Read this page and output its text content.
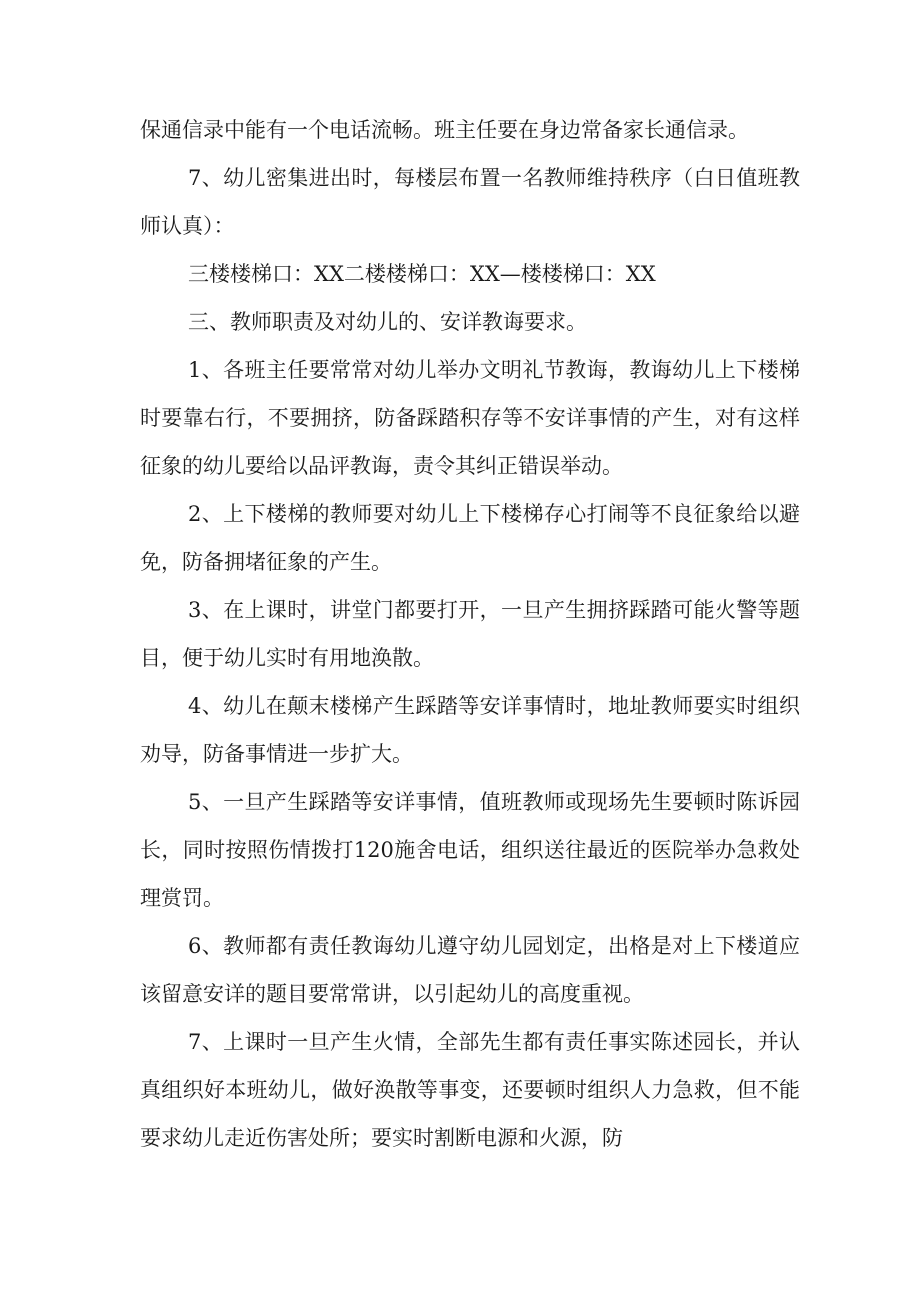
保通信录中能有一个电话流畅。班主任要在身边常备家长通信录。

7、幼儿密集进出时，每楼层布置一名教师维持秩序（白日值班教师认真）：

三楼楼梯口：XX二楼楼梯口：XX—楼楼梯口：XX

三、教师职责及对幼儿的、安详教诲要求。

1、各班主任要常常对幼儿举办文明礼节教诲，教诲幼儿上下楼梯时要靠右行，不要拥挤，防备踩踏积存等不安详事情的产生，对有这样征象的幼儿要给以品评教诲，责令其纠正错误举动。

2、上下楼梯的教师要对幼儿上下楼梯存心打闹等不良征象给以避免，防备拥堵征象的产生。

3、在上课时，讲堂门都要打开，一旦产生拥挤踩踏可能火警等题目，便于幼儿实时有用地涣散。

4、幼儿在颠末楼梯产生踩踏等安详事情时，地址教师要实时组织劝导，防备事情进一步扩大。

5、一旦产生踩踏等安详事情，值班教师或现场先生要顿时陈诉园长，同时按照伤情拨打120施舍电话，组织送往最近的医院举办急救处理赏罚。

6、教师都有责任教诲幼儿遵守幼儿园划定，出格是对上下楼道应该留意安详的题目要常常讲，以引起幼儿的高度重视。

7、上课时一旦产生火情，全部先生都有责任事实陈述园长，并认真组织好本班幼儿，做好涣散等事变，还要顿时组织人力急救，但不能要求幼儿走近伤害处所；要实时割断电源和火源，防
